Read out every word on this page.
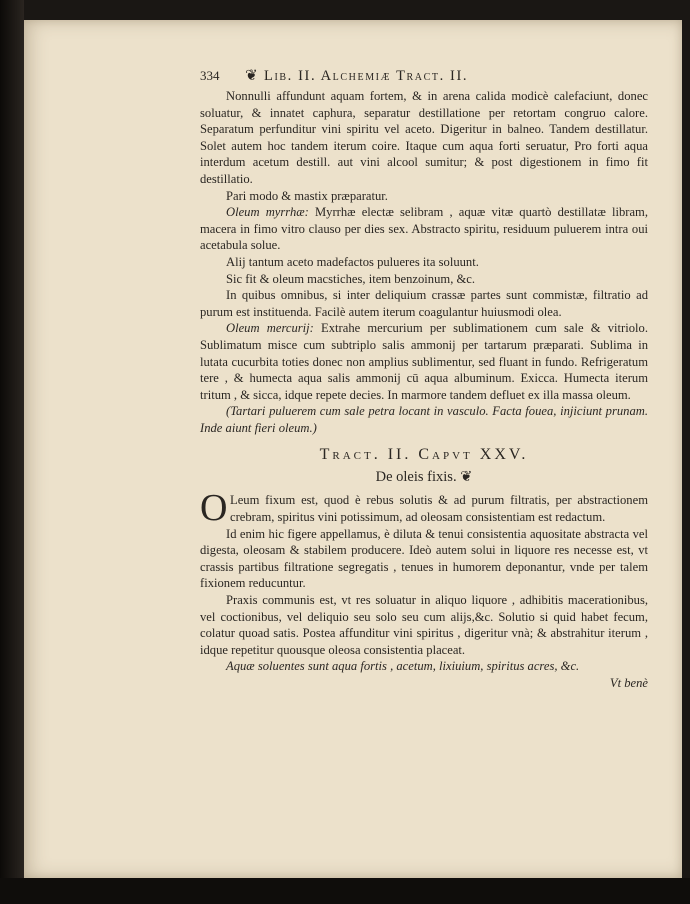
334	❦ Lib. II. Alchemiæ Tract. II.

Nonnulli affundunt aquam fortem, & in arena calida modicè calefaciunt, donec soluatur, & innatet caphura, separatur destillatione per retortam congruo calore. Separatum perfunditur vini spiritu vel aceto. Digeritur in balneo. Tandem destillatur. Solet autem hoc tandem iterum coire. Itaque cum aqua forti seruatur, Pro forti aqua interdum acetum destill. aut vini alcool sumitur; & post digestionem in fimo fit destillatio.

Pari modo & mastix præparatur.

Oleum myrrhæ: Myrrhæ electæ selibram , aquæ vitæ quartò destillatæ libram, macera in fimo vitro clauso per dies sex. Abstracto spiritu, residuum puluerem intra oui acetabula solue.

Alij tantum aceto madefactos pulueres ita soluunt.

Sic fit & oleum macstiches, item benzoinum, &c.

In quibus omnibus, si inter deliquium crassæ partes sunt commistæ, filtratio ad purum est instituenda. Facilè autem iterum coagulantur huiusmodi olea.

Oleum mercurij: Extrahe mercurium per sublimationem cum sale & vitriolo. Sublimatum misce cum subtriplo salis ammonij per tartarum præparati. Sublima in lutata cucurbita toties donec non amplius sublimentur, sed fluant in fundo. Refrigeratum tere , & humecta aqua salis ammonij cū aqua albuminum. Exicca. Humecta iterum tritum , & sicca, idque repete decies. In marmore tandem defluet ex illa massa oleum.

(Tartari puluerem cum sale petra locant in vasculo. Facta fouea, injiciunt prunam. Inde aiunt fieri oleum.)

Tract. II. Capvt XXV.
De oleis fixis. ❦
O Leum fixum est, quod è rebus solutis & ad purum filtratis, per abstractionem crebram, spiritus vini potissimum, ad oleosam consistentiam est redactum.

Id enim hic figere appellamus, è diluta & tenui consistentia aquositate abstracta vel digesta, oleosam & stabilem producere. Ideò autem solui in liquore res necesse est, vt crassis partibus filtratione segregatis , tenues in humorem deponantur, vnde per talem fixionem reducuntur.

Praxis communis est, vt res soluatur in aliquo liquore , adhibitis macerationibus, vel coctionibus, vel deliquio seu solo seu cum alijs,&c. Solutio si quid habet fecum, colatur quoad satis. Postea affunditur vini spiritus , digeritur vnà; & abstrahitur iterum , idque repetitur quousque oleosa consistentia placeat.

Aquæ soluentes sunt aqua fortis , acetum, lixiuium, spiritus acres, &c.

Vt benè
